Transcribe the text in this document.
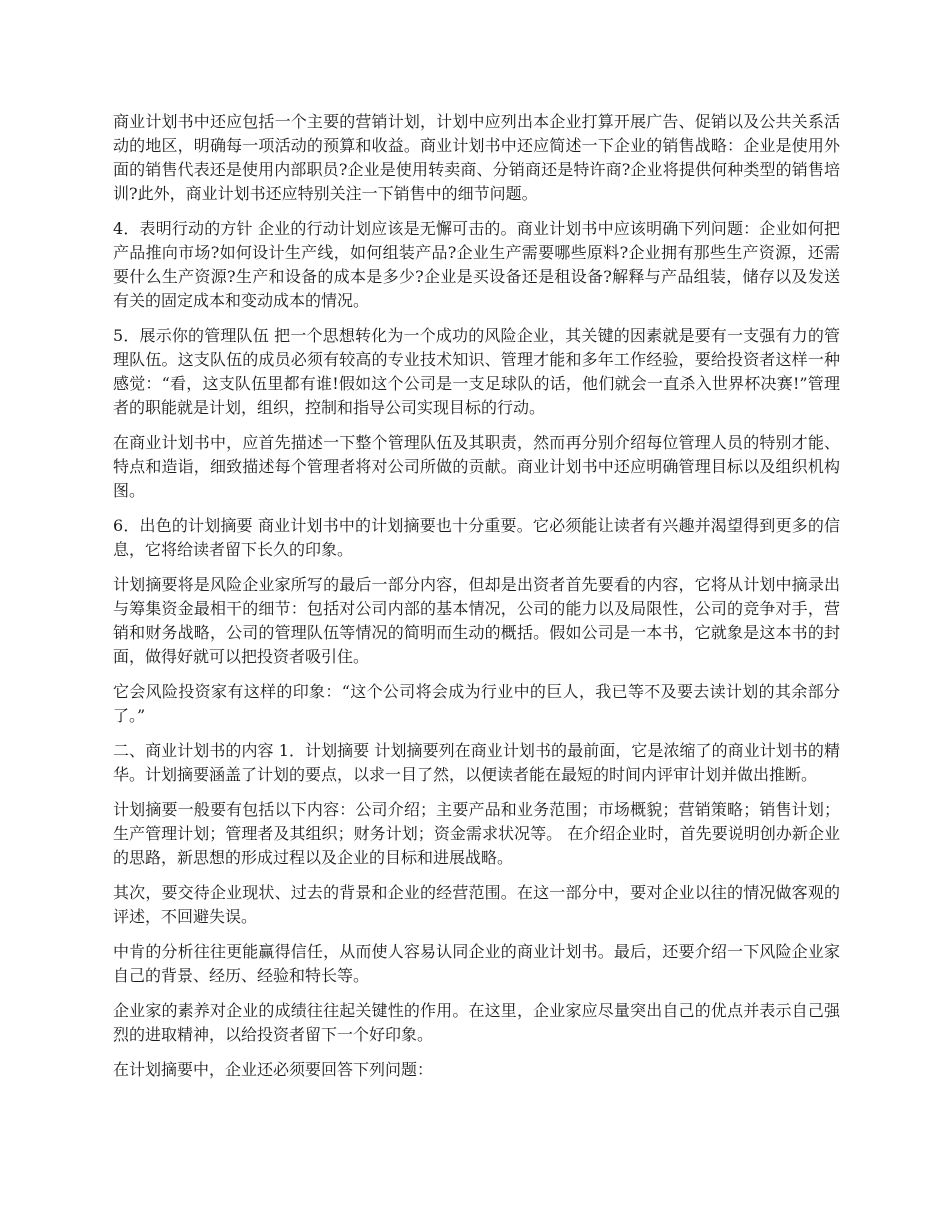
商业计划书中还应包括一个主要的营销计划，计划中应列出本企业打算开展广告、促销以及公共关系活动的地区，明确每一项活动的预算和收益。商业计划书中还应简述一下企业的销售战略：企业是使用外面的销售代表还是使用内部职员?企业是使用转卖商、分销商还是特许商?企业将提供何种类型的销售培训?此外，商业计划书还应特别关注一下销售中的细节问题。

4．表明行动的方针 企业的行动计划应该是无懈可击的。商业计划书中应该明确下列问题：企业如何把产品推向市场?如何设计生产线，如何组装产品?企业生产需要哪些原料?企业拥有那些生产资源，还需要什么生产资源?生产和设备的成本是多少?企业是买设备还是租设备?解释与产品组装，储存以及发送有关的固定成本和变动成本的情况。

5．展示你的管理队伍 把一个思想转化为一个成功的风险企业，其关键的因素就是要有一支强有力的管理队伍。这支队伍的成员必须有较高的专业技术知识、管理才能和多年工作经验，要给投资者这样一种感觉：“看，这支队伍里都有谁!假如这个公司是一支足球队的话，他们就会一直杀入世界杯决赛!”管理者的职能就是计划，组织，控制和指导公司实现目标的行动。

在商业计划书中，应首先描述一下整个管理队伍及其职责，然而再分别介绍每位管理人员的特别才能、特点和造诣，细致描述每个管理者将对公司所做的贡献。商业计划书中还应明确管理目标以及组织机构图。

6．出色的计划摘要 商业计划书中的计划摘要也十分重要。它必须能让读者有兴趣并渴望得到更多的信息，它将给读者留下长久的印象。

计划摘要将是风险企业家所写的最后一部分内容，但却是出资者首先要看的内容，它将从计划中摘录出与筹集资金最相干的细节：包括对公司内部的基本情况，公司的能力以及局限性，公司的竞争对手，营销和财务战略，公司的管理队伍等情况的简明而生动的概括。假如公司是一本书，它就象是这本书的封面，做得好就可以把投资者吸引住。

它会风险投资家有这样的印象：“这个公司将会成为行业中的巨人，我已等不及要去读计划的其余部分了。”

二、商业计划书的内容 1．计划摘要 计划摘要列在商业计划书的最前面，它是浓缩了的商业计划书的精华。计划摘要涵盖了计划的要点，以求一目了然，以便读者能在最短的时间内评审计划并做出推断。

计划摘要一般要有包括以下内容：公司介绍；主要产品和业务范围；市场概貌；营销策略；销售计划；生产管理计划；管理者及其组织；财务计划；资金需求状况等。 在介绍企业时，首先要说明创办新企业的思路，新思想的形成过程以及企业的目标和进展战略。

其次，要交待企业现状、过去的背景和企业的经营范围。在这一部分中，要对企业以往的情况做客观的评述，不回避失误。

中肯的分析往往更能赢得信任，从而使人容易认同企业的商业计划书。最后，还要介绍一下风险企业家自己的背景、经历、经验和特长等。

企业家的素养对企业的成绩往往起关键性的作用。在这里，企业家应尽量突出自己的优点并表示自己强烈的进取精神，以给投资者留下一个好印象。

在计划摘要中，企业还必须要回答下列问题：
